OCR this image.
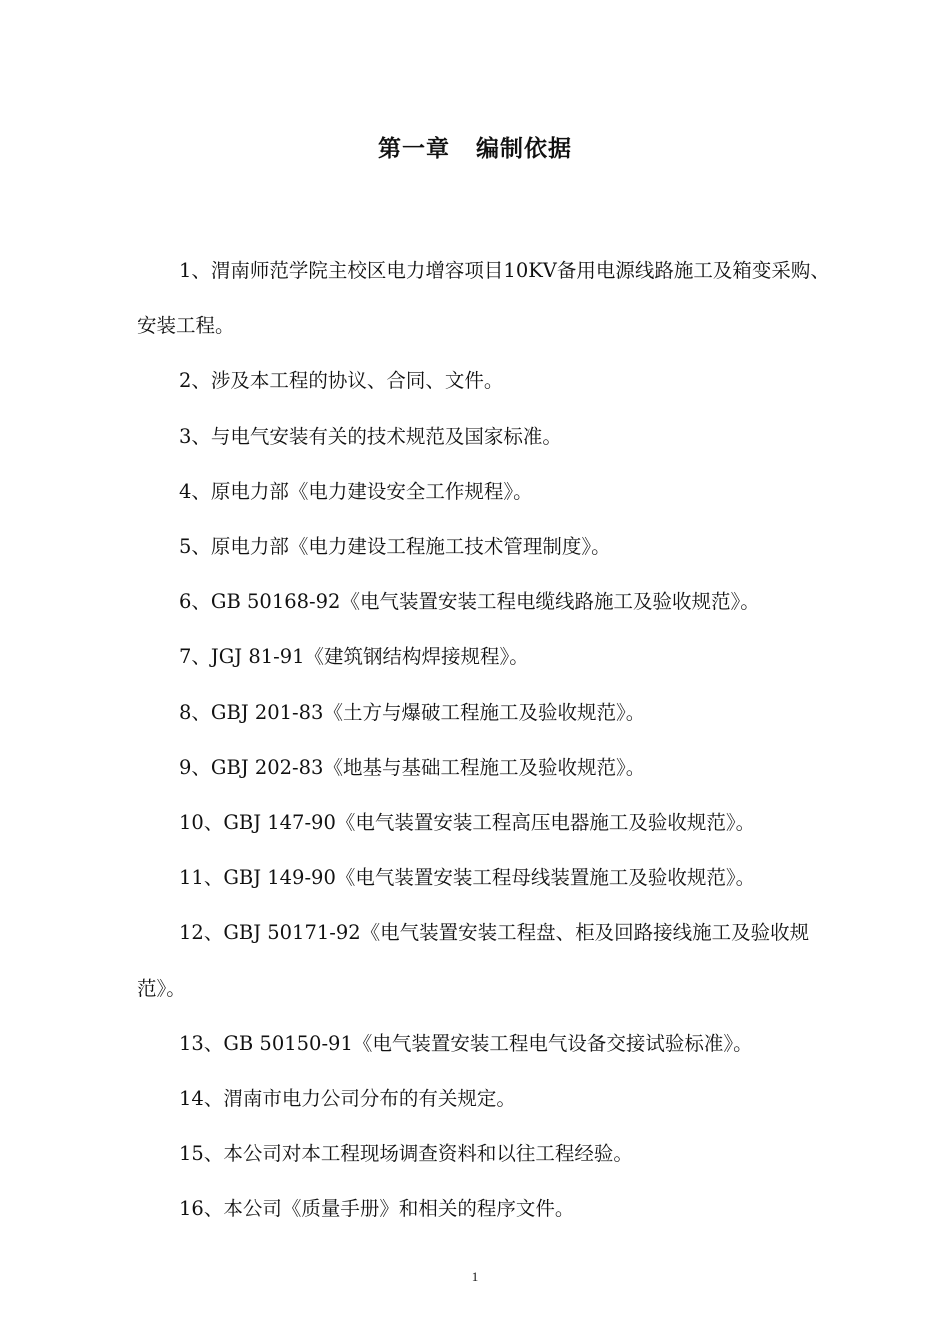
第一章 编制依据

1、渭南师范学院主校区电力增容项目10KV备用电源线路施工及箱变采购、安装工程。

2、涉及本工程的协议、合同、文件。

3、与电气安装有关的技术规范及国家标准。

4、原电力部《电力建设安全工作规程》。

5、原电力部《电力建设工程施工技术管理制度》。

6、GB 50168-92《电气装置安装工程电缆线路施工及验收规范》。

7、JGJ 81-91《建筑钢结构焊接规程》。

8、GBJ 201-83《土方与爆破工程施工及验收规范》。

9、GBJ 202-83《地基与基础工程施工及验收规范》。

10、GBJ 147-90《电气装置安装工程高压电器施工及验收规范》。

11、GBJ 149-90《电气装置安装工程母线装置施工及验收规范》。

12、GBJ 50171-92《电气装置安装工程盘、柜及回路接线施工及验收规范》。

13、GB 50150-91《电气装置安装工程电气设备交接试验标准》。

14、渭南市电力公司分布的有关规定。

15、本公司对本工程现场调查资料和以往工程经验。

16、本公司《质量手册》和相关的程序文件。

1
